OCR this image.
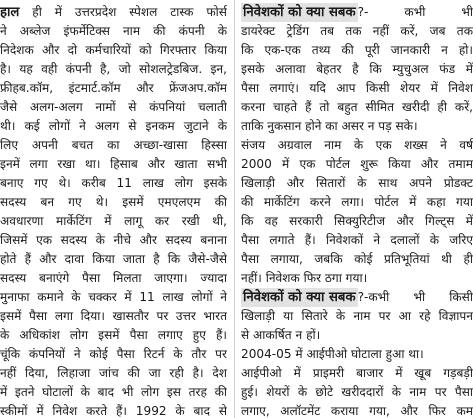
हाल ही में उत्तरप्रदेश स्पेशल टास्क फोर्स
ने अब्लेज इंफर्मेटिक्स नाम की कंपनी के
निदेशक और दो कर्मचारियों को गिरफ्तार किया
है। यह वही कंपनी है, जो सोशलट्रेडबिज. इन,
फ्रीहब.कॉम, इंटमार्ट.कॉम और फ्रेंजअप.कॉम
जैसे अलग-अलग नामों से कंपनियां चलाती
थी। कई लोगों ने अलग से इनकम जुटाने के
लिए अपनी बचत का अच्छा-खासा हिस्सा
इनमें लगा रखा था। हिसाब और खाता सभी
बनाए गए थे। करीब 11 लाख लोग इसके
सदस्य बन गए थे। इसमें एमएलएम की
अवधारणा मार्केटिंग में लागू कर रखी थी,
जिसमें एक सदस्य के नीचे और सदस्य बनाना
होते हैं और दावा किया जाता है कि जैसे-जैसे
सदस्य बनाएंगे पैसा मिलता जाएगा। ज्यादा
मुनाफा कमाने के चक्कर में 11 लाख लोगों ने
इसमें पैसा लगा दिया। खासतौर पर उत्तर भारत
के अधिकांश लोग इसमें पैसा लगाए हुए हैं।
चूंकि कंपनियों ने कोई पैसा रिटर्न के तौर पर
नहीं दिया, लिहाजा जांच की जा रही है। देश
में इतने घोटालों के बाद भी लोग इस तरह की
स्कीमों में निवेश करते हैं। 1992 के बाद से
निवेशकों को क्या सबक ?- कभी भी
डायरेक्ट ट्रेडिंग तब तक नहीं करें, जब तक
कि एक-एक तथ्य की पूरी जानकारी न हो।
इसके अलावा बेहतर है कि म्युचुअल फंड में
पैसा लगाएं। यदि आप किसी शेयर में निवेश
करना चाहते हैं तो बहुत सीमित खरीदी ही करें,
ताकि नुकसान होने का असर न पड़ सके।
संजय अग्रवाल नाम के एक शख्स ने वर्ष
2000 में एक पोर्टल शुरू किया और तमाम
खिलाड़ी और सितारों के साथ अपने प्रोडक्ट
की मार्केटिंग करने लगा। पोर्टल में कहा गया
कि वह सरकारी सिक्युरिटीज और गिल्ट्स में
पैसा लगाते हैं। निवेशकों ने दलालों के जरिए
पैसा लगाया, जबकि कोई प्रतिभूतियां थी ही
नहीं। निवेशक फिर ठगा गया।
निवेशकों को क्या सबक ?-कभी भी किसी
खिलाड़ी या सितारे के नाम पर आ रहे विज्ञापन
से आकर्षित न हों।
2004-05 में आईपीओ घोटाला हुआ था।
आईपीओ में प्राइमरी बाजार में खूब गड़बड़ी
हुई। शेयरों के छोटे खरीददारों के नाम पर पैसा
लगाए, अलॉटमेंट कराया गया, और फिर कम
